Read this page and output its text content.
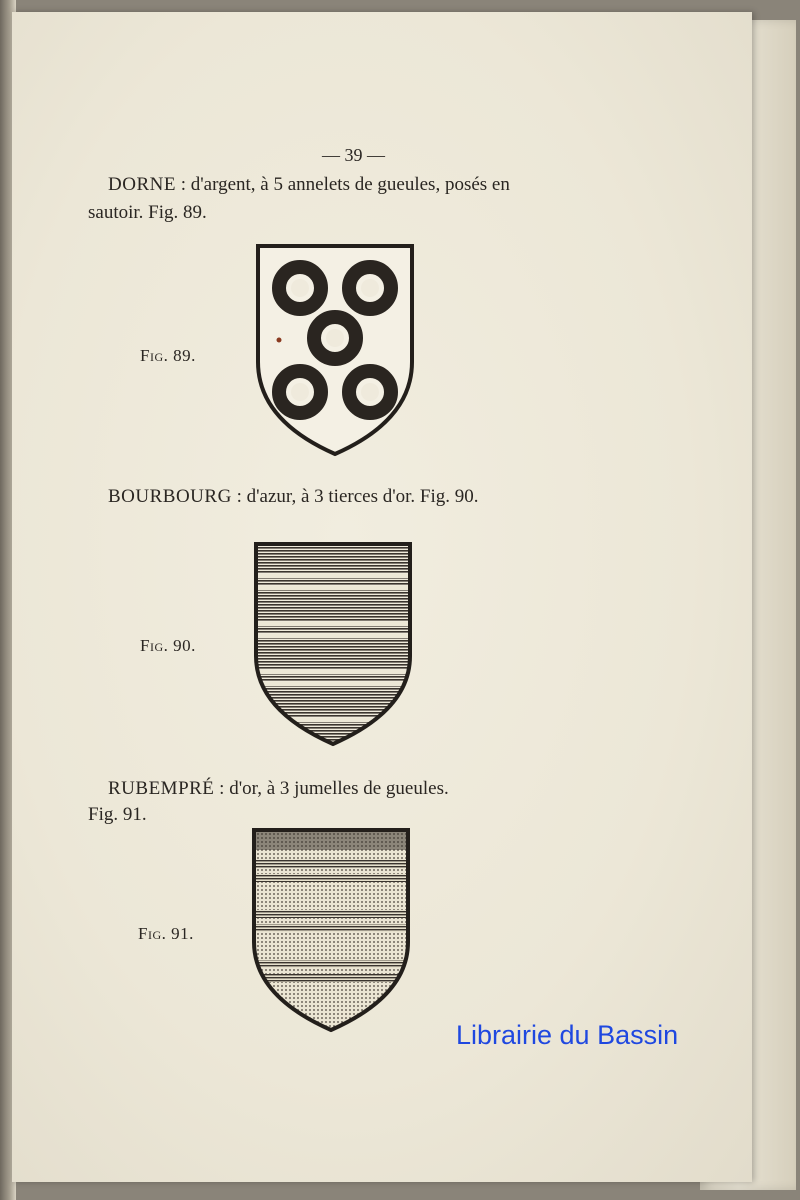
— 39 —
DORNE : d'argent, à 5 annelets de gueules, posés en
sautoir. Fig. 89.
Fig. 89.
BOURBOURG : d'azur, à 3 tierces d'or. Fig. 90.
Fig. 90.
RUBEMPRÉ : d'or, à 3 jumelles de gueules.
Fig. 91.
Fig. 91.
Librairie du Bassin
